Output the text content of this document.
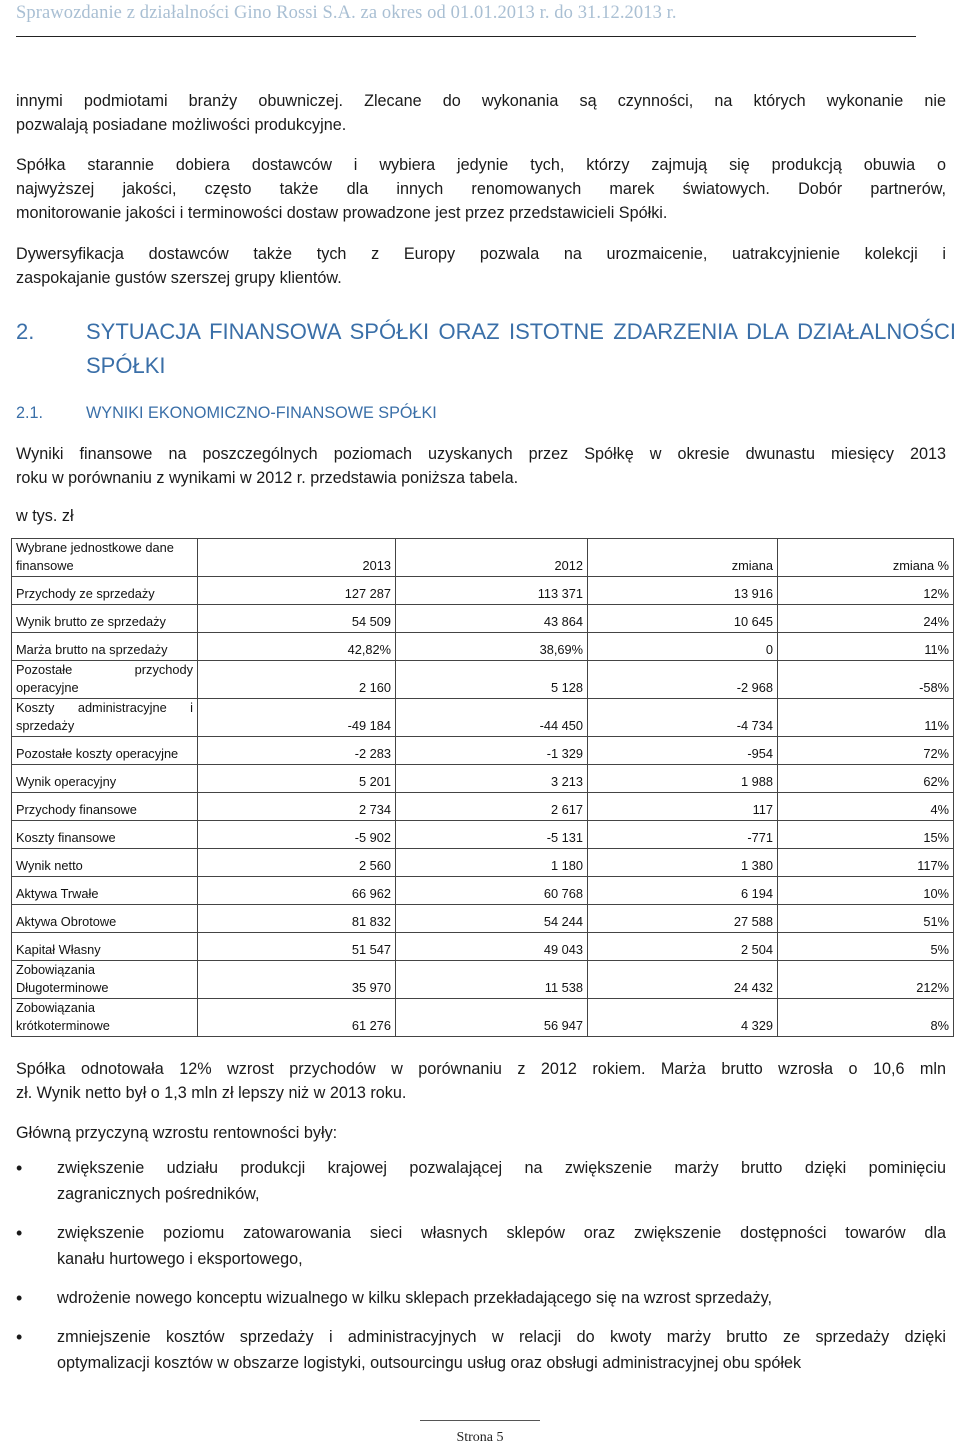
Sprawozdanie z działalności Gino Rossi S.A. za okres od 01.01.2013 r. do 31.12.2013 r.
innymi podmiotami branży obuwniczej. Zlecane do wykonania są czynności, na których wykonanie nie
pozwalają posiadane możliwości produkcyjne.
Spółka starannie dobiera dostawców i wybiera jedynie tych, którzy zajmują się produkcją obuwia o
najwyższej jakości, często także dla innych renomowanych marek światowych. Dobór partnerów,
monitorowanie jakości i terminowości dostaw prowadzone jest przez przedstawicieli Spółki.
Dywersyfikacja dostawców także tych z Europy pozwala na urozmaicenie, uatrakcyjnienie kolekcji i
zaspokajanie gustów szerszej grupy klientów.
2. SYTUACJA FINANSOWA SPÓŁKI ORAZ ISTOTNE ZDARZENIA DLA DZIAŁALNOŚCI
SPÓŁKI
2.1.	WYNIKI EKONOMICZNO-FINANSOWE SPÓŁKI
Wyniki finansowe na poszczególnych poziomach uzyskanych przez Spółkę w okresie dwunastu miesięcy 2013
roku w porównaniu z wynikami w 2012 r. przedstawia poniższa tabela.
w tys. zł
Wybrane jednostkowe dane
finansowe	2013	2012	zmiana	zmiana %
Przychody ze sprzedaży	127 287	113 371	13 916	12%
Wynik brutto ze sprzedaży	54 509	43 864	10 645	24%
Marża brutto na sprzedaży	42,82%	38,69%	0	11%

Pozostałe przychody
operacyjne	2 160	5 128	-2 968	-58%

Koszty administracyjne i
sprzedaży	-49 184	-44 450	-4 734	11%
Pozostałe koszty operacyjne	-2 283	-1 329	-954	72%
Wynik operacyjny	5 201	3 213	1 988	62%
Przychody finansowe	2 734	2 617	117	4%
Koszty finansowe	-5 902	-5 131	-771	15%
Wynik netto	2 560	1 180	1 380	117%
Aktywa Trwałe	66 962	60 768	6 194	10%
Aktywa Obrotowe	81 832	54 244	27 588	51%
Kapitał Własny	51 547	49 043	2 504	5%

Zobowiązania
Długoterminowe	35 970	11 538	24 432	212%

Zobowiązania
krótkoterminowe	61 276	56 947	4 329	8%
Spółka odnotowała 12% wzrost przychodów w porównaniu z 2012 rokiem. Marża brutto wzrosła o 10,6 mln
zł. Wynik netto był o 1,3 mln zł lepszy niż w 2013 roku.
Główną przyczyną wzrostu rentowności były:
• zwiększenie udziału produkcji krajowej pozwalającej na zwiększenie marży brutto dzięki pominięciu
zagranicznych pośredników,
• zwiększenie poziomu zatowarowania sieci własnych sklepów oraz zwiększenie dostępności towarów dla
kanału hurtowego i eksportowego,
• wdrożenie nowego konceptu wizualnego w kilku sklepach przekładającego się na wzrost sprzedaży,
• zmniejszenie kosztów sprzedaży i administracyjnych w relacji do kwoty marży brutto ze sprzedaży dzięki
optymalizacji kosztów w obszarze logistyki, outsourcingu usług oraz obsługi administracyjnej obu spółek
Strona 5
